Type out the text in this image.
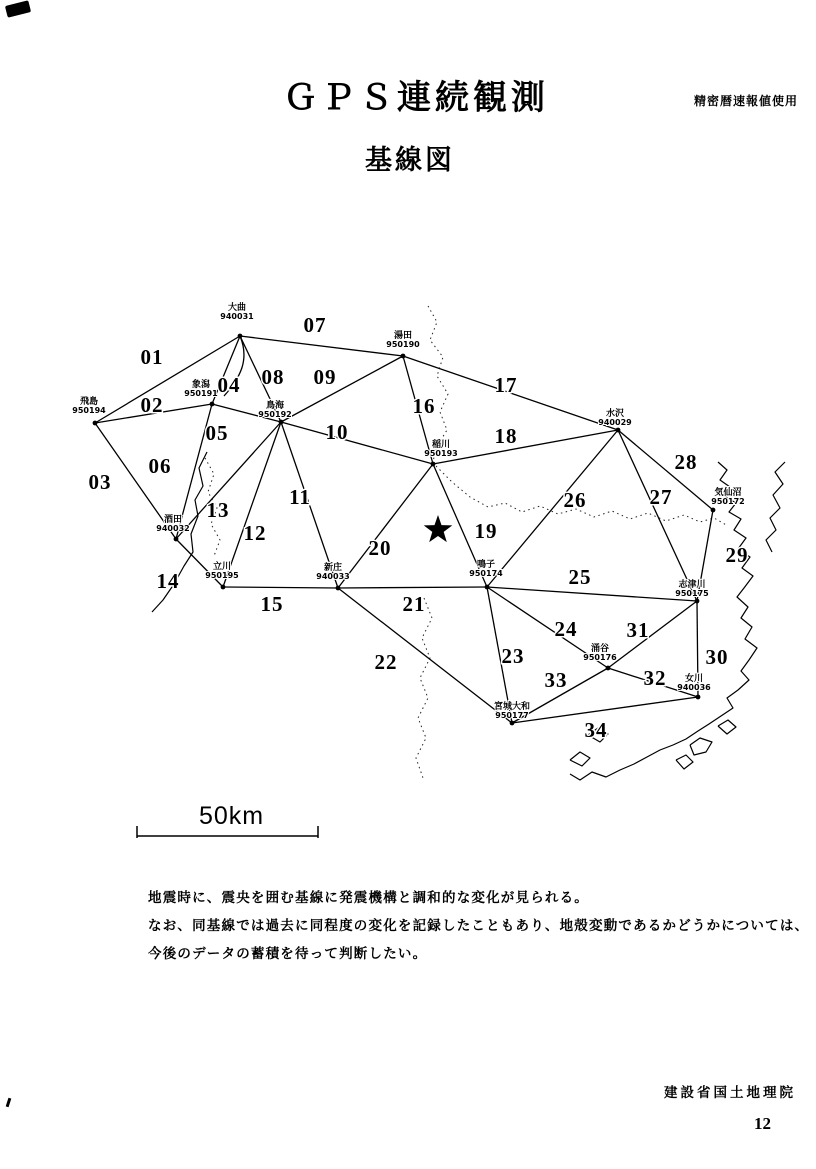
ＧＰＳ連続観測	精密暦速報値使用
基線図
大曲
940031
湯田
950190
水沢
940029
飛島
950194
象潟
950191
鳥海
950192
稲川
950193
酒田
940032
立川
950195
新庄
940033
鳴子
950174
志津川
950175
気仙沼
950172
涌谷
950176
女川
940036
宮城大和
950177
01
02
03
04
05
06
07
08 09
10
11
12
13
14
15
16
17
18
19
20
21
22	23
24
25
26	27
28
29
30
31
32
33
34
50km
地震時に、震央を囲む基線に発震機構と調和的な変化が見られる。
なお、同基線では過去に同程度の変化を記録したこともあり、地殻変動であるかどうかについては、
今後のデータの蓄積を待って判断したい。
建設省国土地理院
12
